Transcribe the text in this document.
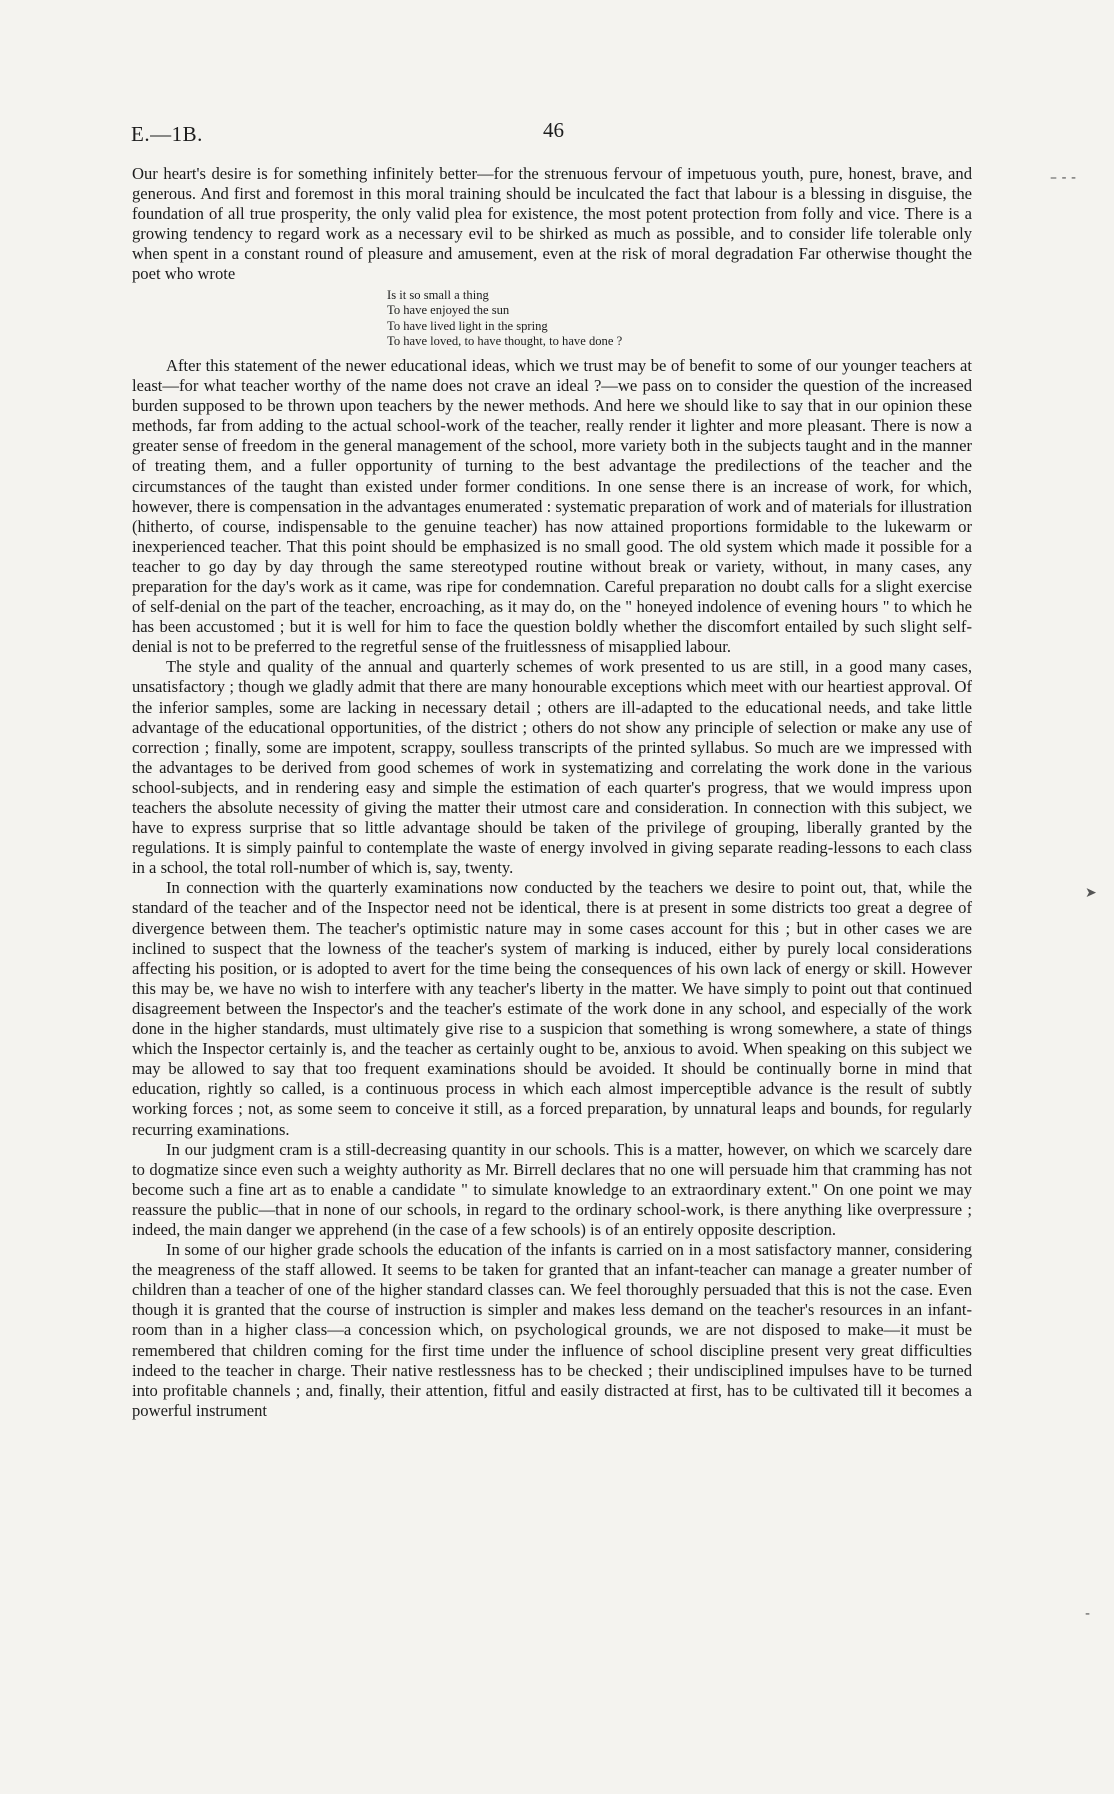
E.—1B.	46

Our heart's desire is for something infinitely better—for the strenuous fervour of impetuous youth, pure, honest, brave, and generous. And first and foremost in this moral training should be inculcated the fact that labour is a blessing in disguise, the foundation of all true prosperity, the only valid plea for existence, the most potent protection from folly and vice. There is a growing tendency to regard work as a necessary evil to be shirked as much as possible, and to consider life tolerable only when spent in a constant round of pleasure and amusement, even at the risk of moral degradation Far otherwise thought the poet who wrote

Is it so small a thing
To have enjoyed the sun
To have lived light in the spring
To have loved, to have thought, to have done ?

After this statement of the newer educational ideas, which we trust may be of benefit to some of our younger teachers at least—for what teacher worthy of the name does not crave an ideal ?—we pass on to consider the question of the increased burden supposed to be thrown upon teachers by the newer methods. And here we should like to say that in our opinion these methods, far from adding to the actual school-work of the teacher, really render it lighter and more pleasant. There is now a greater sense of freedom in the general management of the school, more variety both in the subjects taught and in the manner of treating them, and a fuller opportunity of turning to the best advantage the predilections of the teacher and the circumstances of the taught than existed under former conditions. In one sense there is an increase of work, for which, however, there is compensation in the advantages enumerated : systematic preparation of work and of materials for illustration (hitherto, of course, indispensable to the genuine teacher) has now attained proportions formidable to the lukewarm or inexperienced teacher. That this point should be emphasized is no small good. The old system which made it possible for a teacher to go day by day through the same stereotyped routine without break or variety, without, in many cases, any preparation for the day's work as it came, was ripe for condemnation. Careful preparation no doubt calls for a slight exercise of self-denial on the part of the teacher, encroaching, as it may do, on the " honeyed indolence of evening hours " to which he has been accustomed ; but it is well for him to face the question boldly whether the discomfort entailed by such slight self-denial is not to be preferred to the regretful sense of the fruitlessness of misapplied labour.

The style and quality of the annual and quarterly schemes of work presented to us are still, in a good many cases, unsatisfactory ; though we gladly admit that there are many honourable exceptions which meet with our heartiest approval. Of the inferior samples, some are lacking in necessary detail ; others are ill-adapted to the educational needs, and take little advantage of the educational opportunities, of the district ; others do not show any principle of selection or make any use of correction ; finally, some are impotent, scrappy, soulless transcripts of the printed syllabus. So much are we impressed with the advantages to be derived from good schemes of work in systematizing and correlating the work done in the various school-subjects, and in rendering easy and simple the estimation of each quarter's progress, that we would impress upon teachers the absolute necessity of giving the matter their utmost care and consideration. In connection with this subject, we have to express surprise that so little advantage should be taken of the privilege of grouping, liberally granted by the regulations. It is simply painful to contemplate the waste of energy involved in giving separate reading-lessons to each class in a school, the total roll-number of which is, say, twenty.

In connection with the quarterly examinations now conducted by the teachers we desire to point out, that, while the standard of the teacher and of the Inspector need not be identical, there is at present in some districts too great a degree of divergence between them. The teacher's optimistic nature may in some cases account for this ; but in other cases we are inclined to suspect that the lowness of the teacher's system of marking is induced, either by purely local considerations affecting his position, or is adopted to avert for the time being the consequences of his own lack of energy or skill. However this may be, we have no wish to interfere with any teacher's liberty in the matter. We have simply to point out that continued disagreement between the Inspector's and the teacher's estimate of the work done in any school, and especially of the work done in the higher standards, must ultimately give rise to a suspicion that something is wrong somewhere, a state of things which the Inspector certainly is, and the teacher as certainly ought to be, anxious to avoid. When speaking on this subject we may be allowed to say that too frequent examinations should be avoided. It should be continually borne in mind that education, rightly so called, is a continuous process in which each almost imperceptible advance is the result of subtly working forces ; not, as some seem to conceive it still, as a forced preparation, by unnatural leaps and bounds, for regularly recurring examinations.

In our judgment cram is a still-decreasing quantity in our schools. This is a matter, however, on which we scarcely dare to dogmatize since even such a weighty authority as Mr. Birrell declares that no one will persuade him that cramming has not become such a fine art as to enable a candidate " to simulate knowledge to an extraordinary extent." On one point we may reassure the public—that in none of our schools, in regard to the ordinary school-work, is there anything like overpressure ; indeed, the main danger we apprehend (in the case of a few schools) is of an entirely opposite description.

In some of our higher grade schools the education of the infants is carried on in a most satisfactory manner, considering the meagreness of the staff allowed. It seems to be taken for granted that an infant-teacher can manage a greater number of children than a teacher of one of the higher standard classes can. We feel thoroughly persuaded that this is not the case. Even though it is granted that the course of instruction is simpler and makes less demand on the teacher's resources in an infant-room than in a higher class—a concession which, on psychological grounds, we are not disposed to make—it must be remembered that children coming for the first time under the influence of school discipline present very great difficulties indeed to the teacher in charge. Their native restlessness has to be checked ; their undisciplined impulses have to be turned into profitable channels ; and, finally, their attention, fitful and easily distracted at first, has to be cultivated till it becomes a powerful instrument

– ‑ -
➤
‑
